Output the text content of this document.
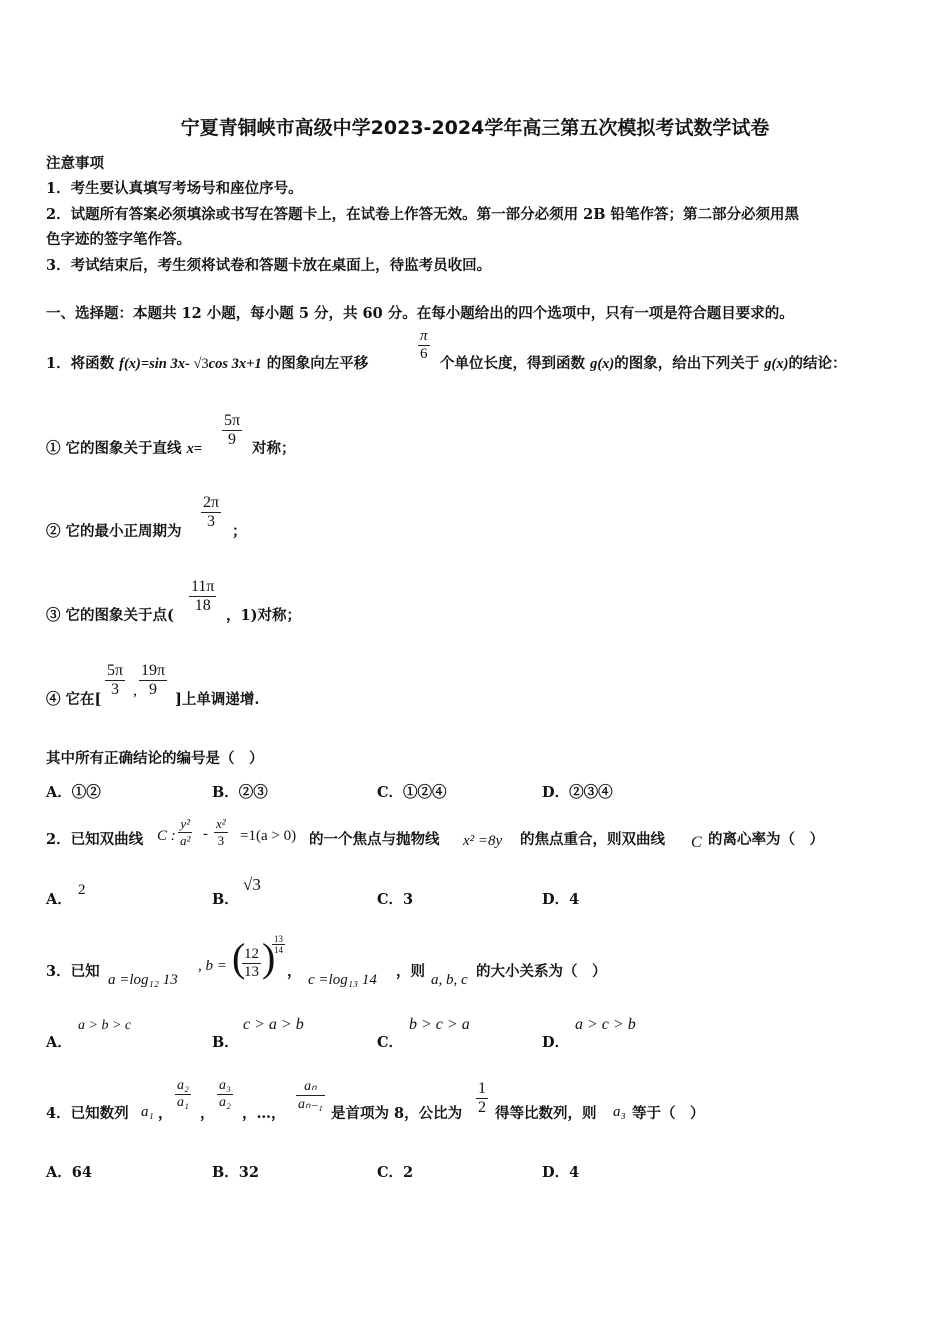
宁夏青铜峡市高级中学2023-2024学年高三第五次模拟考试数学试卷
注意事项
1．考生要认真填写考场号和座位序号。
2．试题所有答案必须填涂或书写在答题卡上，在试卷上作答无效。第一部分必须用 2B 铅笔作答；第二部分必须用黑
色字迹的签字笔作答。
3．考试结束后，考生须将试卷和答题卡放在桌面上，待监考员收回。
一、选择题：本题共 12 小题，每小题 5 分，共 60 分。在每小题给出的四个选项中，只有一项是符合题目要求的。
1．将函数 f(x)=sin 3x- √3cos 3x+1 的图象向左平移
$\frac{\pi}{6}$
个单位长度，得到函数 g(x)的图象，给出下列关于 g(x)的结论：
① 它的图象关于直线 $x= \frac{5\pi}{9}$ 对称；
② 它的最小正周期为
$\frac{2\pi}{3}$
；
③ 它的图象关于点(
$\frac{11\pi}{18}$
，1)对称；
④ 它在[
$\frac{5\pi}{3}$ , $\frac{19\pi}{9}$
]上单调递增.
其中所有正确结论的编号是（　）
A．①②	B．②③	C．①②④	D．②③④
2．已知双曲线 C : $\frac{\text{y²}}{\text{a²}} - \frac{\text{x²}}{3} =1(a > 0)$ 的一个焦点与抛物线 x² =8y 的焦点重合，则双曲线 C 的离心率为（　）
A．
2
B．
√3
C．3	D．4
3．已知 a =log₁₂ 13
, b = (
$\frac{12}{13}$ )
$\frac{13}{14}$
， c =log₁₃ 14 ，则 a, b, c 的大小关系为（　）
A．
a > b > c
B．
c > a > b
C．
b > c > a
D．
a > c > b
4．已知数列 a₁ ，
$\frac{\text{a₂}}{\text{a₁}}$
，
$\frac{\text{a₃}}{\text{a₂}}$
，…，
$\frac{\text{aₙ}}{\text{aₙ₋₁}}$
是首项为 8，公比为 $\frac{1}{2}$ 得等比数列，则 a₃ 等于（　）
A．64	B．32	C．2	D．4
